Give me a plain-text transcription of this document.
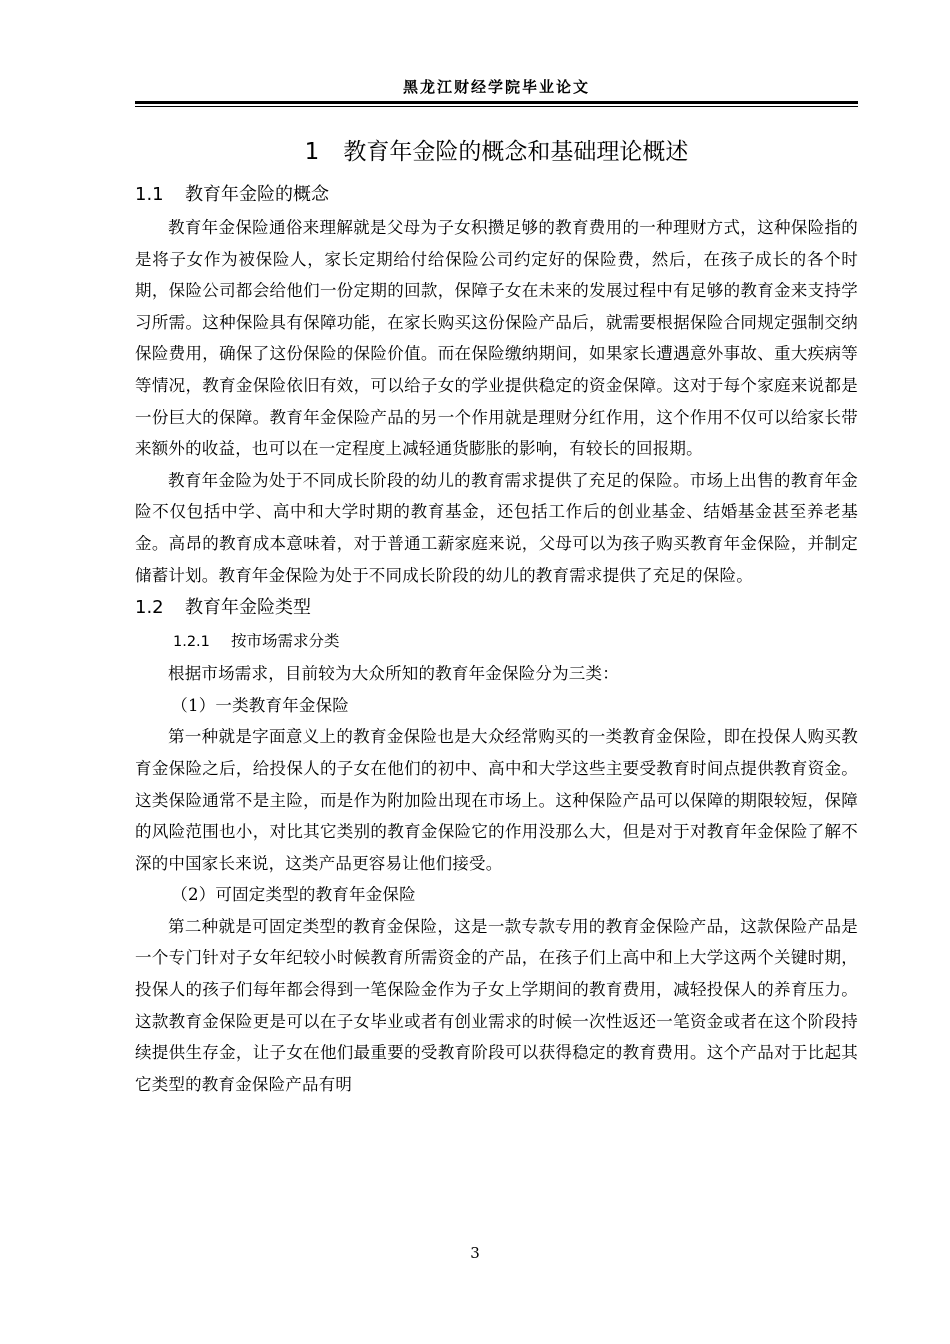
黑龙江财经学院毕业论文
1 教育年金险的概念和基础理论概述
1.1 教育年金险的概念

教育年金保险通俗来理解就是父母为子女积攒足够的教育费用的一种理财方式，这种保险指的是将子女作为被保险人，家长定期给付给保险公司约定好的保险费，然后，在孩子成长的各个时期，保险公司都会给他们一份定期的回款，保障子女在未来的发展过程中有足够的教育金来支持学习所需。这种保险具有保障功能，在家长购买这份保险产品后，就需要根据保险合同规定强制交纳保险费用，确保了这份保险的保险价值。而在保险缴纳期间，如果家长遭遇意外事故、重大疾病等等情况，教育金保险依旧有效，可以给子女的学业提供稳定的资金保障。这对于每个家庭来说都是一份巨大的保障。教育年金保险产品的另一个作用就是理财分红作用，这个作用不仅可以给家长带来额外的收益，也可以在一定程度上减轻通货膨胀的影响，有较长的回报期。

教育年金险为处于不同成长阶段的幼儿的教育需求提供了充足的保险。市场上出售的教育年金险不仅包括中学、高中和大学时期的教育基金，还包括工作后的创业基金、结婚基金甚至养老基金。高昂的教育成本意味着，对于普通工薪家庭来说，父母可以为孩子购买教育年金保险，并制定储蓄计划。教育年金保险为处于不同成长阶段的幼儿的教育需求提供了充足的保险。

1.2 教育年金险类型
1.2.1 按市场需求分类

根据市场需求，目前较为大众所知的教育年金保险分为三类：

（1）一类教育年金保险

第一种就是字面意义上的教育金保险也是大众经常购买的一类教育金保险，即在投保人购买教育金保险之后，给投保人的子女在他们的初中、高中和大学这些主要受教育时间点提供教育资金。这类保险通常不是主险，而是作为附加险出现在市场上。这种保险产品可以保障的期限较短，保障的风险范围也小，对比其它类别的教育金保险它的作用没那么大，但是对于对教育年金保险了解不深的中国家长来说，这类产品更容易让他们接受。

（2）可固定类型的教育年金保险

第二种就是可固定类型的教育金保险，这是一款专款专用的教育金保险产品，这款保险产品是一个专门针对子女年纪较小时候教育所需资金的产品，在孩子们上高中和上大学这两个关键时期，投保人的孩子们每年都会得到一笔保险金作为子女上学期间的教育费用，减轻投保人的养育压力。这款教育金保险更是可以在子女毕业或者有创业需求的时候一次性返还一笔资金或者在这个阶段持续提供生存金，让子女在他们最重要的受教育阶段可以获得稳定的教育费用。这个产品对于比起其它类型的教育金保险产品有明

3
